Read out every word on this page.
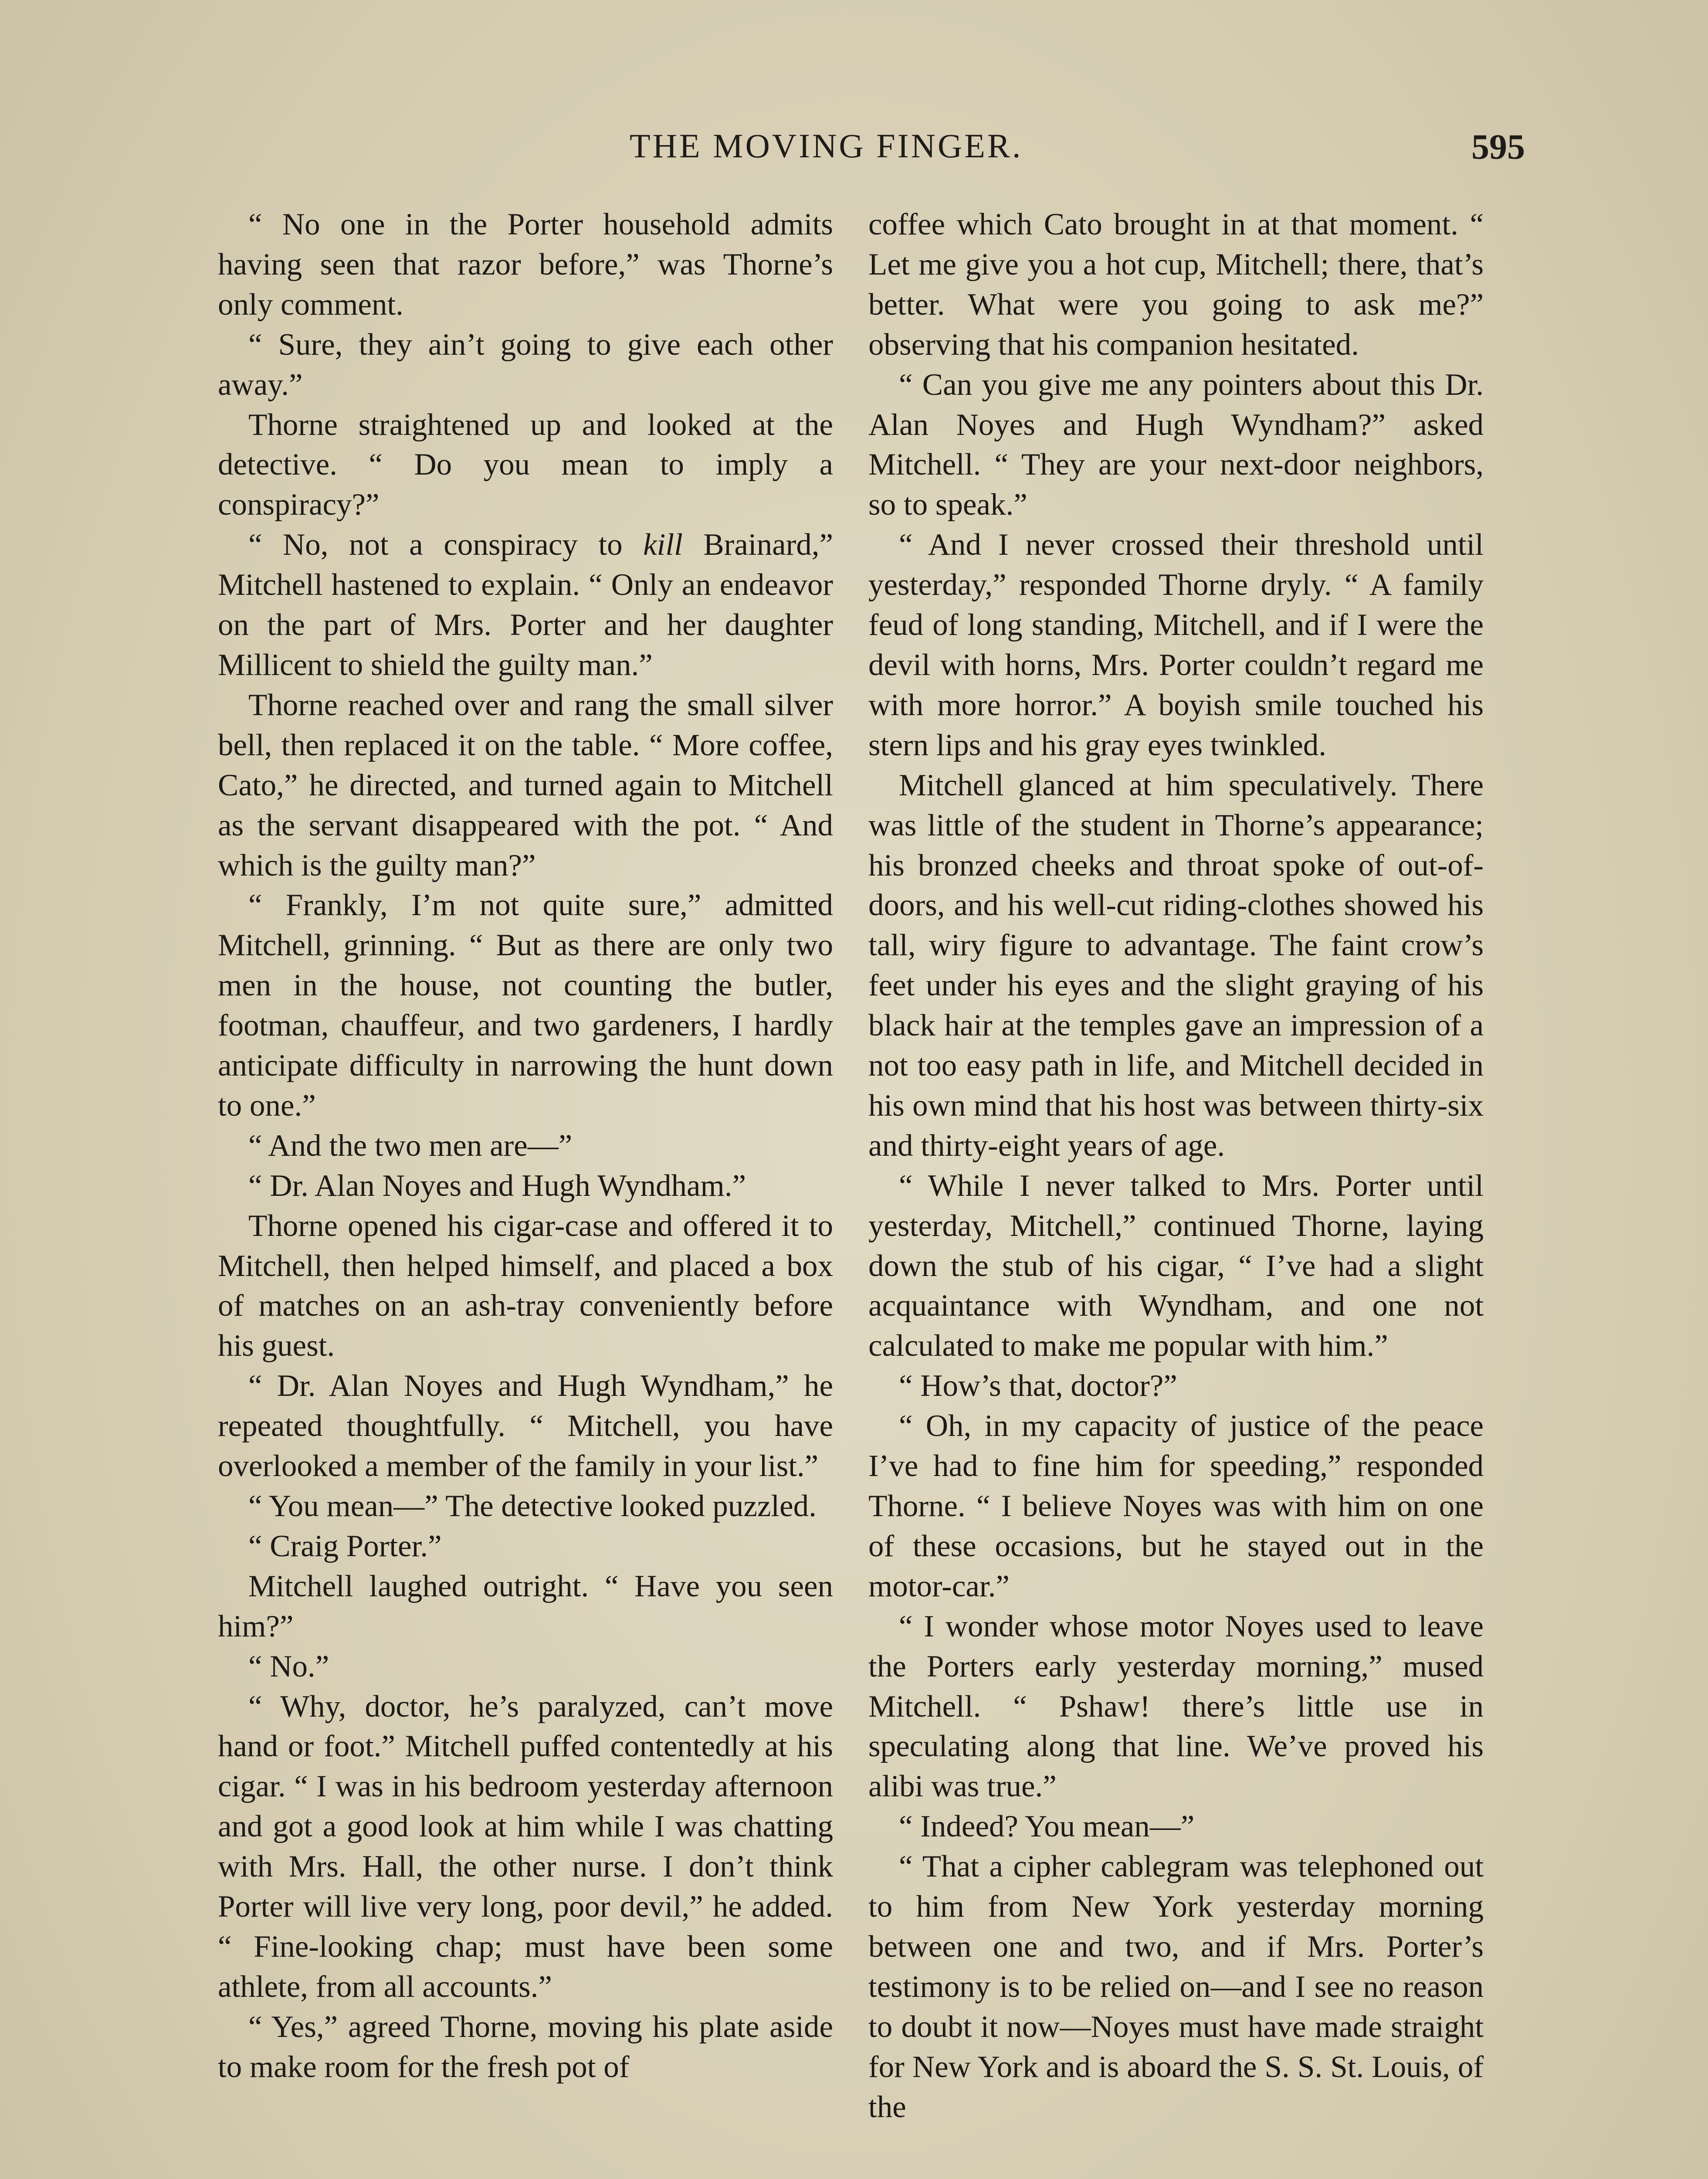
THE MOVING FINGER.	595

“ No one in the Porter household admits having seen that razor before,” was Thorne’s only comment.

“ Sure, they ain’t going to give each other away.”

Thorne straightened up and looked at the detective. “ Do you mean to imply a conspiracy?”

“ No, not a conspiracy to kill Brainard,” Mitchell hastened to explain. “ Only an endeavor on the part of Mrs. Porter and her daughter Millicent to shield the guilty man.”

Thorne reached over and rang the small silver bell, then replaced it on the table. “ More coffee, Cato,” he directed, and turned again to Mitchell as the servant disappeared with the pot. “ And which is the guilty man?”

“ Frankly, I’m not quite sure,” admitted Mitchell, grinning. “ But as there are only two men in the house, not counting the butler, footman, chauffeur, and two gardeners, I hardly anticipate difficulty in narrowing the hunt down to one.”

“ And the two men are—”

“ Dr. Alan Noyes and Hugh Wyndham.”

Thorne opened his cigar-case and offered it to Mitchell, then helped himself, and placed a box of matches on an ash-tray conveniently before his guest.

“ Dr. Alan Noyes and Hugh Wyndham,” he repeated thoughtfully. “ Mitchell, you have overlooked a member of the family in your list.”

“ You mean—” The detective looked puzzled.

“ Craig Porter.”

Mitchell laughed outright. “ Have you seen him?”

“ No.”

“ Why, doctor, he’s paralyzed, can’t move hand or foot.” Mitchell puffed contentedly at his cigar. “ I was in his bedroom yesterday afternoon and got a good look at him while I was chatting with Mrs. Hall, the other nurse. I don’t think Porter will live very long, poor devil,” he added. “ Fine-looking chap; must have been some athlete, from all accounts.”

“ Yes,” agreed Thorne, moving his plate aside to make room for the fresh pot of

coffee which Cato brought in at that moment. “ Let me give you a hot cup, Mitchell; there, that’s better. What were you going to ask me?” observing that his companion hesitated.

“ Can you give me any pointers about this Dr. Alan Noyes and Hugh Wyndham?” asked Mitchell. “ They are your next-door neighbors, so to speak.”

“ And I never crossed their threshold until yesterday,” responded Thorne dryly. “ A family feud of long standing, Mitchell, and if I were the devil with horns, Mrs. Porter couldn’t regard me with more horror.” A boyish smile touched his stern lips and his gray eyes twinkled.

Mitchell glanced at him speculatively. There was little of the student in Thorne’s appearance; his bronzed cheeks and throat spoke of out-of-doors, and his well-cut riding-clothes showed his tall, wiry figure to advantage. The faint crow’s feet under his eyes and the slight graying of his black hair at the temples gave an impression of a not too easy path in life, and Mitchell decided in his own mind that his host was between thirty-six and thirty-eight years of age.

“ While I never talked to Mrs. Porter until yesterday, Mitchell,” continued Thorne, laying down the stub of his cigar, “ I’ve had a slight acquaintance with Wyndham, and one not calculated to make me popular with him.”

“ How’s that, doctor?”

“ Oh, in my capacity of justice of the peace I’ve had to fine him for speeding,” responded Thorne. “ I believe Noyes was with him on one of these occasions, but he stayed out in the motor-car.”

“ I wonder whose motor Noyes used to leave the Porters early yesterday morning,” mused Mitchell. “ Pshaw! there’s little use in speculating along that line. We’ve proved his alibi was true.”

“ Indeed? You mean—”

“ That a cipher cablegram was telephoned out to him from New York yesterday morning between one and two, and if Mrs. Porter’s testimony is to be relied on—and I see no reason to doubt it now—Noyes must have made straight for New York and is aboard the S. S. St. Louis, of the
